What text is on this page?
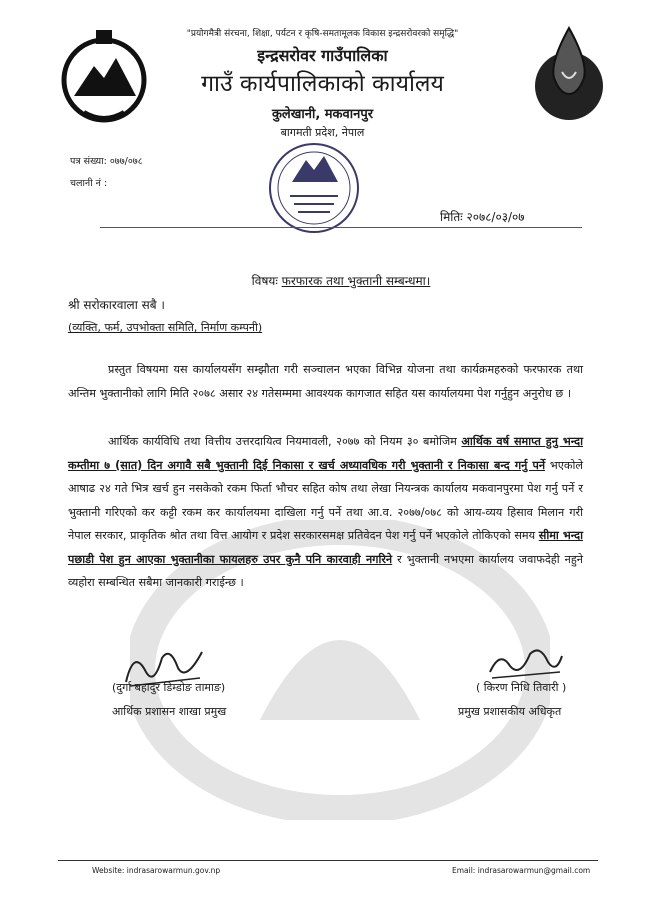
"प्रयोगमैत्री संरचना, शिक्षा, पर्यटन र कृषि-समतामूलक विकास इन्द्रसरोवरको समृद्धि"
इन्द्रसरोवर गाउँपालिका
गाउँ कार्यपालिकाको कार्यालय
कुलेखानी, मकवानपुर
बागमती प्रदेश, नेपाल
पत्र संख्या: ०७७/०७८
चलानी नं :
मितिः २०७८/०३/०७
विषयः फरफारक तथा भुक्तानी सम्बन्धमा।
श्री सरोकारवाला सबै ।
(व्यक्ति, फर्म, उपभोक्ता समिति, निर्माण कम्पनी)
प्रस्तुत विषयमा यस कार्यालयसँग सम्झौता गरी सञ्चालन भएका विभिन्न योजना तथा कार्यक्रमहरुको फरफारक तथा अन्तिम भुक्तानीको लागि मिति २०७८ असार २४ गतेसम्ममा आवश्यक कागजात सहित यस कार्यालयमा पेश गर्नुहुन अनुरोध छ ।
आर्थिक कार्यविधि तथा वित्तीय उत्तरदायित्व नियमावली, २०७७ को नियम ३० बमोजिम आर्थिक वर्ष समाप्त हुनु भन्दा कम्तीमा ७ (सात) दिन अगावै सबै भुक्तानी दिई निकासा र खर्च अध्यावधिक गरी भुक्तानी र निकासा बन्द गर्नु पर्ने भएकोले आषाढ २४ गते भित्र खर्च हुन नसकेको रकम फिर्ता भौचर सहित कोष तथा लेखा नियन्त्रक कार्यालय मकवानपुरमा पेश गर्नु पर्ने र भुक्तानी गरिएको कर कट्टी रकम कर कार्यालयमा दाखिला गर्नु पर्ने तथा आ.व. २०७७/०७८ को आय-व्यय हिसाव मिलान गरी नेपाल सरकार, प्राकृतिक श्रोत तथा वित्त आयोग र प्रदेश सरकारसमक्ष प्रतिवेदन पेश गर्नु पर्ने भएकोले तोकिएको समय सीमा भन्दा पछाडी पेश हुन आएका भुक्तानीका फायलहरु उपर कुनै पनि कारवाही नगरिने र भुक्तानी नभएमा कार्यालय जवाफदेही नहुने व्यहोरा सम्बन्धित सबैमा जानकारी गराईन्छ ।
(दुर्गा बहादुर डिम्डोङ तामाङ)
आर्थिक प्रशासन शाखा प्रमुख
( किरण निधि तिवारी )
प्रमुख प्रशासकीय अधिकृत
Website: indrasarowarmun.gov.np	Email: indrasarowarmun@gmail.com
